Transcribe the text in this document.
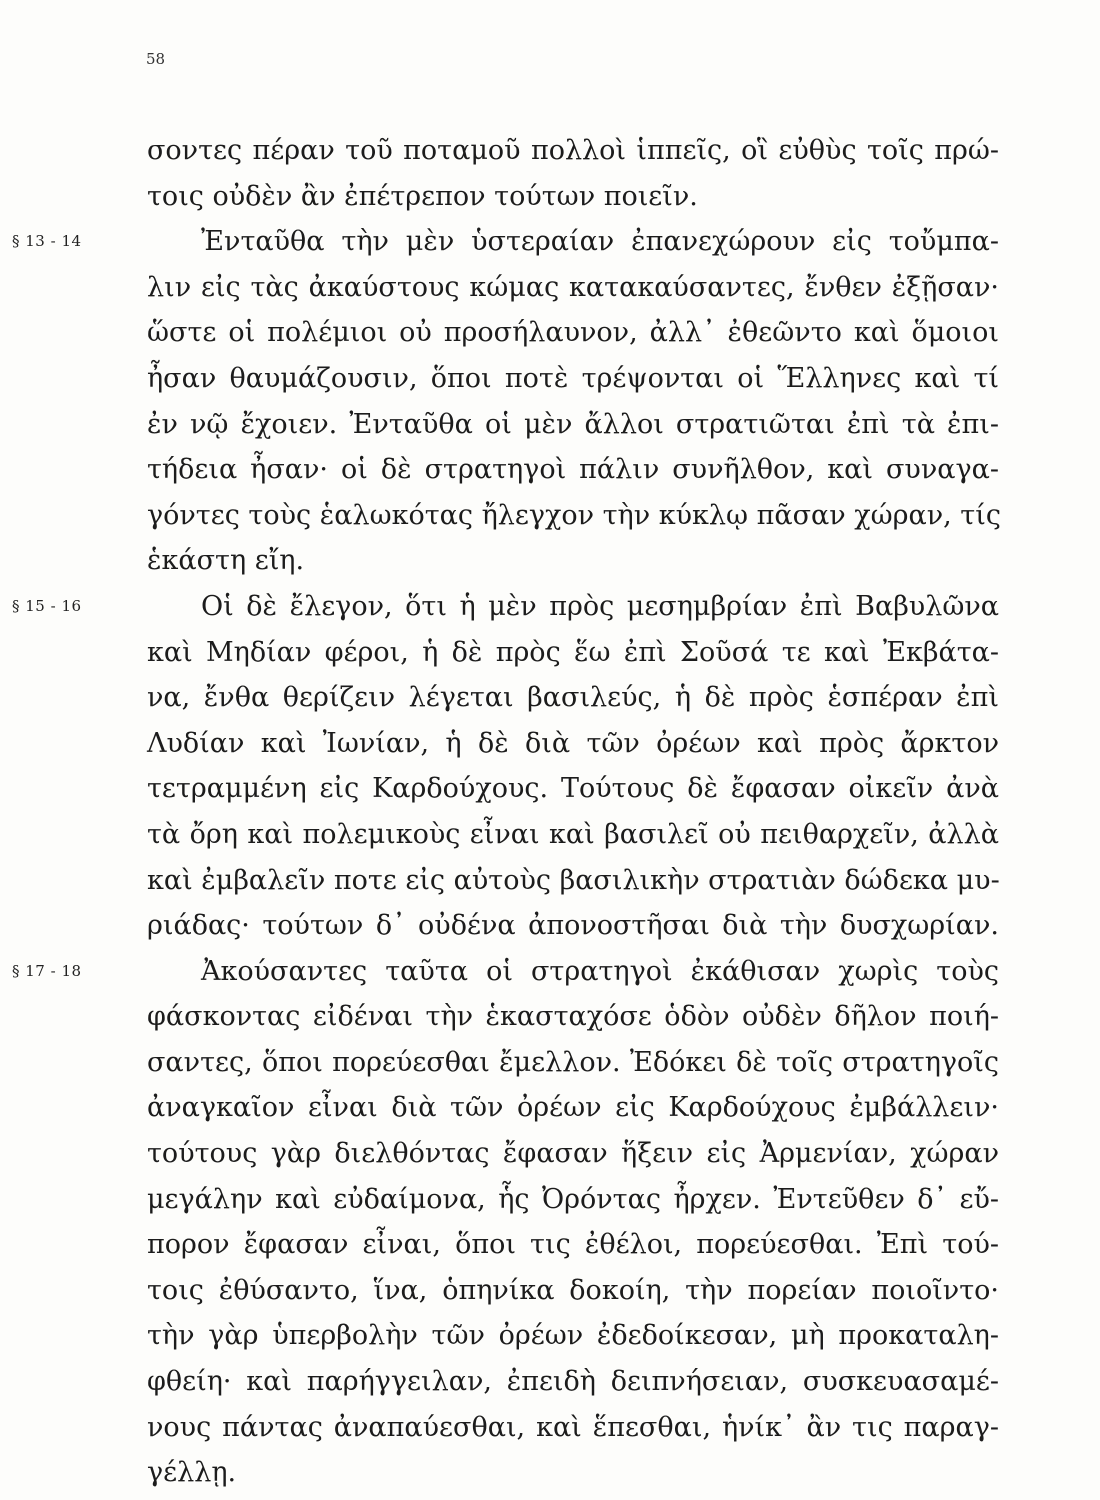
58
σοντες πέραν τοῦ ποταμοῦ πολλοὶ ἱππεῖς, οἳ εὐθὺς τοῖς πρώ-
τοις οὐδὲν ἂν ἐπέτρεπον τούτων ποιεῖν.
§ 13 - 14	Ἐνταῦθα τὴν μὲν ὑστεραίαν ἐπανεχώρουν εἰς τοὔμπα-
λιν εἰς τὰς ἀκαύστους κώμας κατακαύσαντες, ἔνθεν ἐξῇσαν·
ὥστε οἱ πολέμιοι οὐ προσήλαυνον, ἀλλ᾽ ἐθεῶντο καὶ ὅμοιοι
ἦσαν θαυμάζουσιν, ὅποι ποτὲ τρέψονται οἱ Ἕλληνες καὶ τί
ἐν νῷ ἔχοιεν. Ἐνταῦθα οἱ μὲν ἄλλοι στρατιῶται ἐπὶ τὰ ἐπι-
τήδεια ἦσαν· οἱ δὲ στρατηγοὶ πάλιν συνῆλθον, καὶ συναγα-
γόντες τοὺς ἑαλωκότας ἤλεγχον τὴν κύκλῳ πᾶσαν χώραν, τίς
ἑκάστη εἴη.
§ 15 - 16	Οἱ δὲ ἔλεγον, ὅτι ἡ μὲν πρὸς μεσημβρίαν ἐπὶ Βαβυλῶνα
καὶ Μηδίαν φέροι, ἡ δὲ πρὸς ἕω ἐπὶ Σοῦσά τε καὶ Ἐκβάτα-
να, ἔνθα θερίζειν λέγεται βασιλεύς, ἡ δὲ πρὸς ἑσπέραν ἐπὶ
Λυδίαν καὶ Ἰωνίαν, ἡ δὲ διὰ τῶν ὀρέων καὶ πρὸς ἄρκτον
τετραμμένη εἰς Καρδούχους. Τούτους δὲ ἔφασαν οἰκεῖν ἀνὰ
τὰ ὄρη καὶ πολεμικοὺς εἶναι καὶ βασιλεῖ οὐ πειθαρχεῖν, ἀλλὰ
καὶ ἐμβαλεῖν ποτε εἰς αὐτοὺς βασιλικὴν στρατιὰν δώδεκα μυ-
ριάδας· τούτων δ᾽ οὐδένα ἀπονοστῆσαι διὰ τὴν δυσχωρίαν.
§ 17 - 18	Ἀκούσαντες ταῦτα οἱ στρατηγοὶ ἐκάθισαν χωρὶς τοὺς
φάσκοντας εἰδέναι τὴν ἑκασταχόσε ὁδὸν οὐδὲν δῆλον ποιή-
σαντες, ὅποι πορεύεσθαι ἔμελλον. Ἐδόκει δὲ τοῖς στρατηγοῖς
ἀναγκαῖον εἶναι διὰ τῶν ὀρέων εἰς Καρδούχους ἐμβάλλειν·
τούτους γὰρ διελθόντας ἔφασαν ἥξειν εἰς Ἀρμενίαν, χώραν
μεγάλην καὶ εὐδαίμονα, ἧς Ὀρόντας ἦρχεν. Ἐντεῦθεν δ᾽ εὔ-
πορον ἔφασαν εἶναι, ὅποι τις ἐθέλοι, πορεύεσθαι. Ἐπὶ τού-
τοις ἐθύσαντο, ἵνα, ὁπηνίκα δοκοίη, τὴν πορείαν ποιοῖντο·
τὴν γὰρ ὑπερβολὴν τῶν ὀρέων ἐδεδοίκεσαν, μὴ προκαταλη-
φθείη· καὶ παρήγγειλαν, ἐπειδὴ δειπνήσειαν, συσκευασαμέ-
νους πάντας ἀναπαύεσθαι, καὶ ἕπεσθαι, ἡνίκ᾽ ἂν τις παραγ-
γέλλῃ.
